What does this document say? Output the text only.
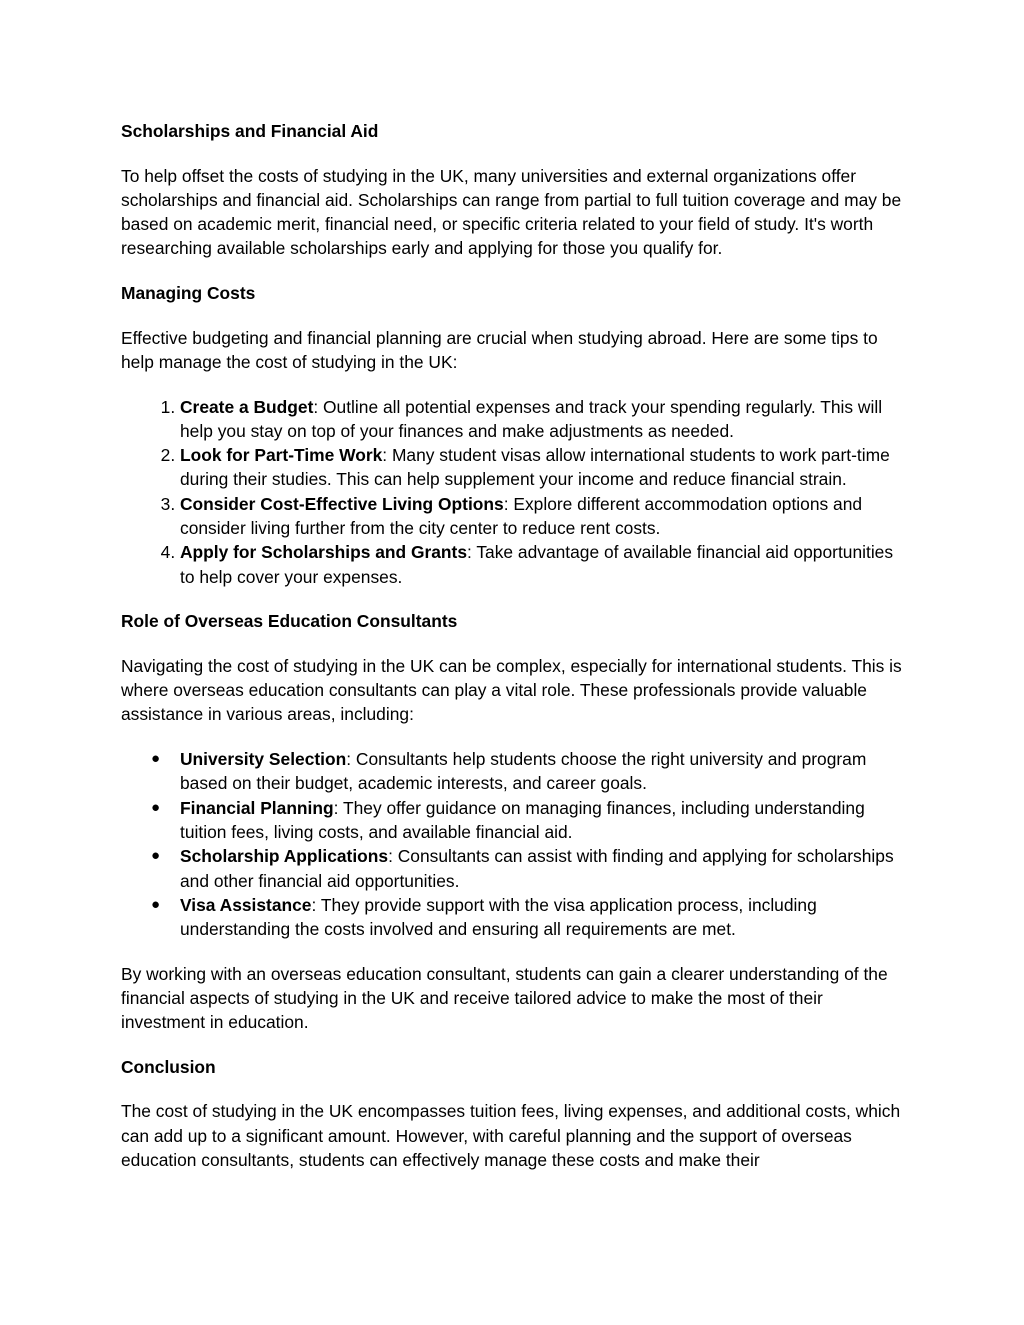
Scholarships and Financial Aid

To help offset the costs of studying in the UK, many universities and external organizations offer scholarships and financial aid. Scholarships can range from partial to full tuition coverage and may be based on academic merit, financial need, or specific criteria related to your field of study. It's worth researching available scholarships early and applying for those you qualify for.

Managing Costs

Effective budgeting and financial planning are crucial when studying abroad. Here are some tips to help manage the cost of studying in the UK:

1. Create a Budget: Outline all potential expenses and track your spending regularly. This will help you stay on top of your finances and make adjustments as needed.
2. Look for Part-Time Work: Many student visas allow international students to work part-time during their studies. This can help supplement your income and reduce financial strain.
3. Consider Cost-Effective Living Options: Explore different accommodation options and consider living further from the city center to reduce rent costs.
4. Apply for Scholarships and Grants: Take advantage of available financial aid opportunities to help cover your expenses.
Role of Overseas Education Consultants

Navigating the cost of studying in the UK can be complex, especially for international students. This is where overseas education consultants can play a vital role. These professionals provide valuable assistance in various areas, including:

● University Selection: Consultants help students choose the right university and program based on their budget, academic interests, and career goals.
● Financial Planning: They offer guidance on managing finances, including understanding tuition fees, living costs, and available financial aid.
● Scholarship Applications: Consultants can assist with finding and applying for scholarships and other financial aid opportunities.
● Visa Assistance: They provide support with the visa application process, including understanding the costs involved and ensuring all requirements are met.

By working with an overseas education consultant, students can gain a clearer understanding of the financial aspects of studying in the UK and receive tailored advice to make the most of their investment in education.

Conclusion

The cost of studying in the UK encompasses tuition fees, living expenses, and additional costs, which can add up to a significant amount. However, with careful planning and the support of overseas education consultants, students can effectively manage these costs and make their
